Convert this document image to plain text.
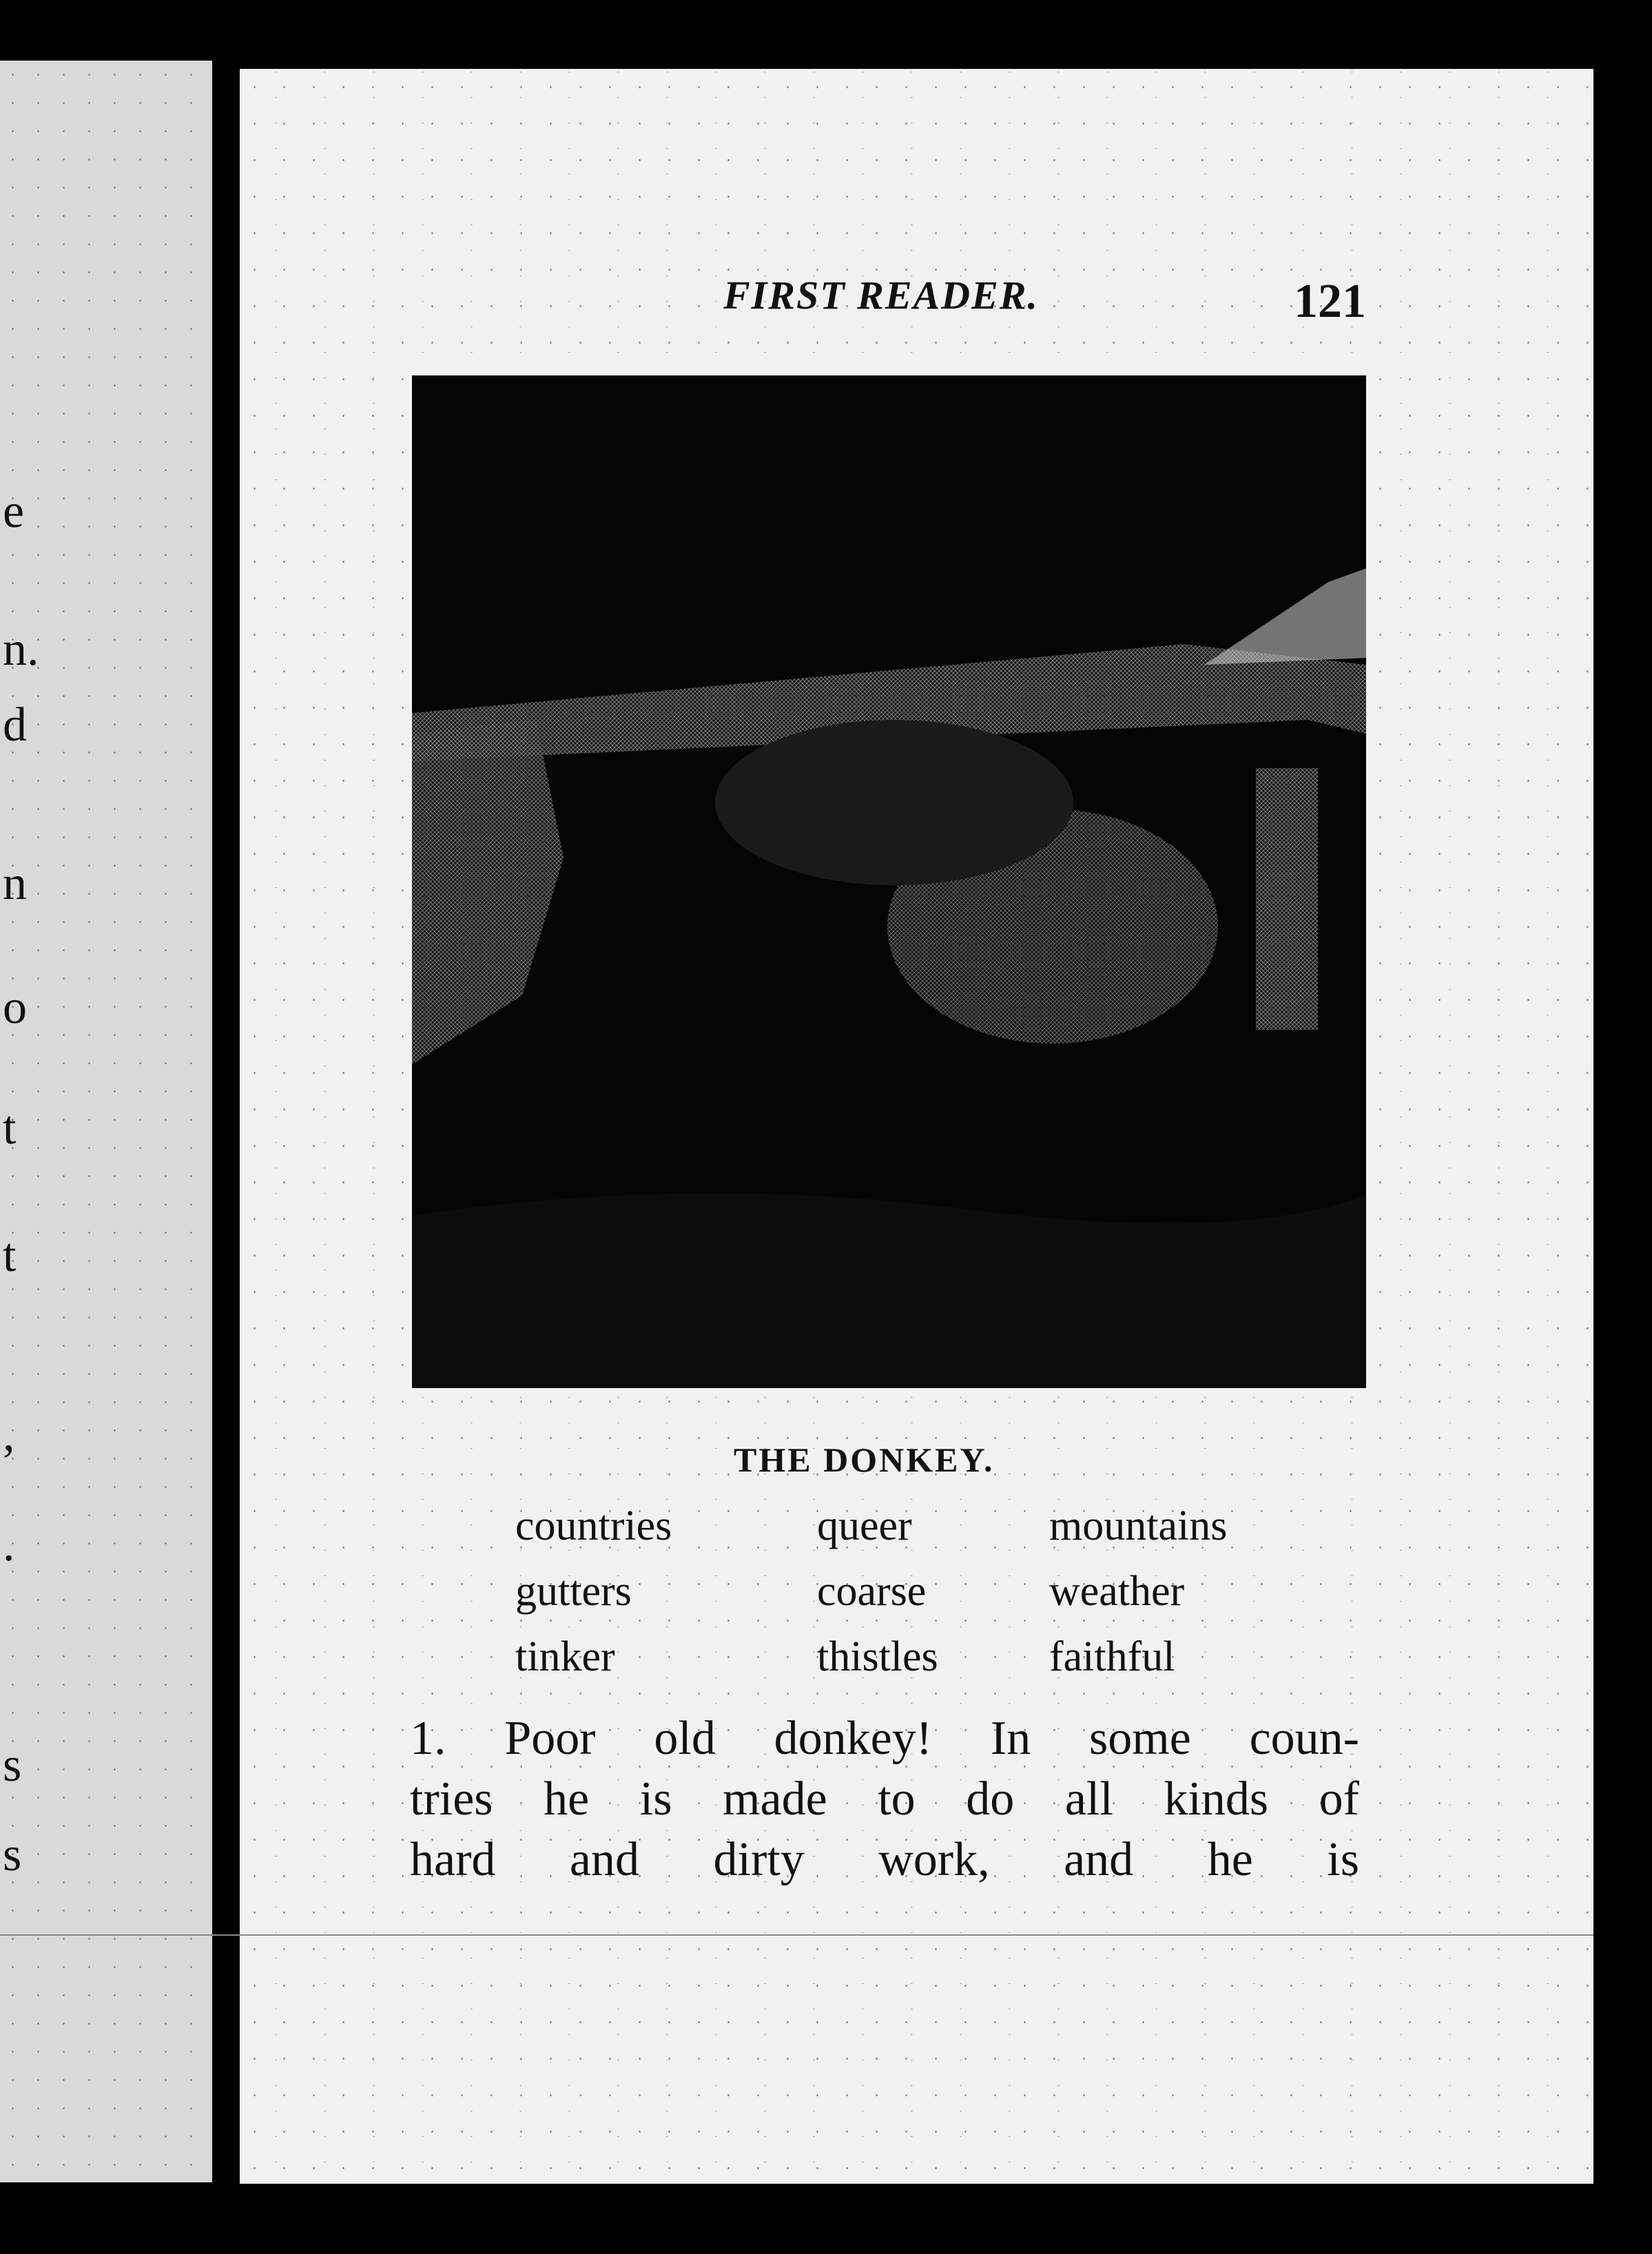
e
n.
d
n
o
t
t
,
.
s
s
FIRST READER.	121
THE DONKEY.
countries	queer	mountains
gutters	coarse	weather
tinker	thistles	faithful
1. Poor old donkey! In some coun-
tries he is made to do all kinds of
hard and dirty work, and he is
